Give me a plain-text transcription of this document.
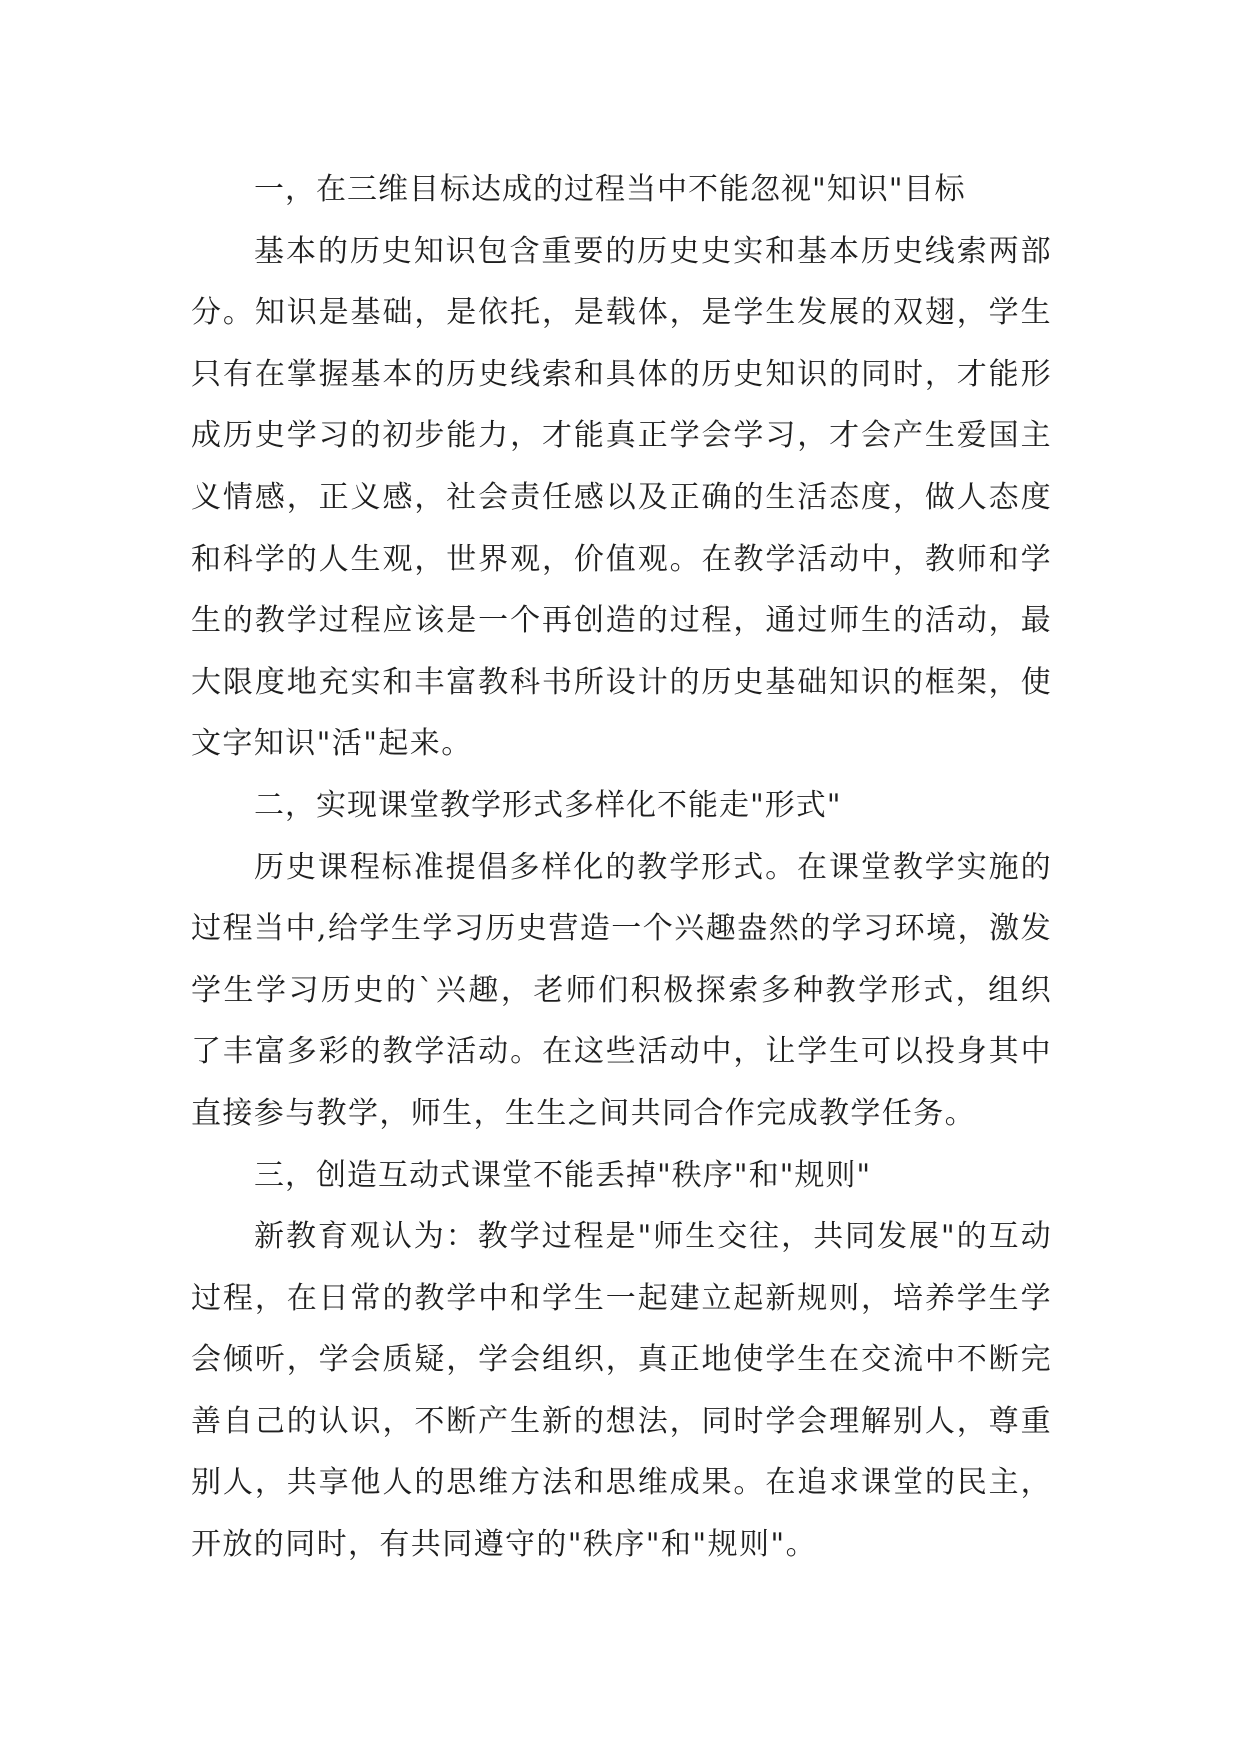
一，在三维目标达成的过程当中不能忽视"知识"目标

基本的历史知识包含重要的历史史实和基本历史线索两部分。知识是基础，是依托，是载体，是学生发展的双翅，学生只有在掌握基本的历史线索和具体的历史知识的同时，才能形成历史学习的初步能力，才能真正学会学习，才会产生爱国主义情感，正义感，社会责任感以及正确的生活态度，做人态度和科学的人生观，世界观，价值观。在教学活动中，教师和学生的教学过程应该是一个再创造的过程，通过师生的活动，最大限度地充实和丰富教科书所设计的历史基础知识的框架，使文字知识"活"起来。

二，实现课堂教学形式多样化不能走"形式"

历史课程标准提倡多样化的教学形式。在课堂教学实施的过程当中,给学生学习历史营造一个兴趣盎然的学习环境，激发学生学习历史的`兴趣，老师们积极探索多种教学形式，组织了丰富多彩的教学活动。在这些活动中，让学生可以投身其中直接参与教学，师生，生生之间共同合作完成教学任务。

三，创造互动式课堂不能丢掉"秩序"和"规则"

新教育观认为：教学过程是"师生交往，共同发展"的互动过程，在日常的教学中和学生一起建立起新规则，培养学生学会倾听，学会质疑，学会组织，真正地使学生在交流中不断完善自己的认识，不断产生新的想法，同时学会理解别人，尊重别人，共享他人的思维方法和思维成果。在追求课堂的民主，开放的同时，有共同遵守的"秩序"和"规则"。
